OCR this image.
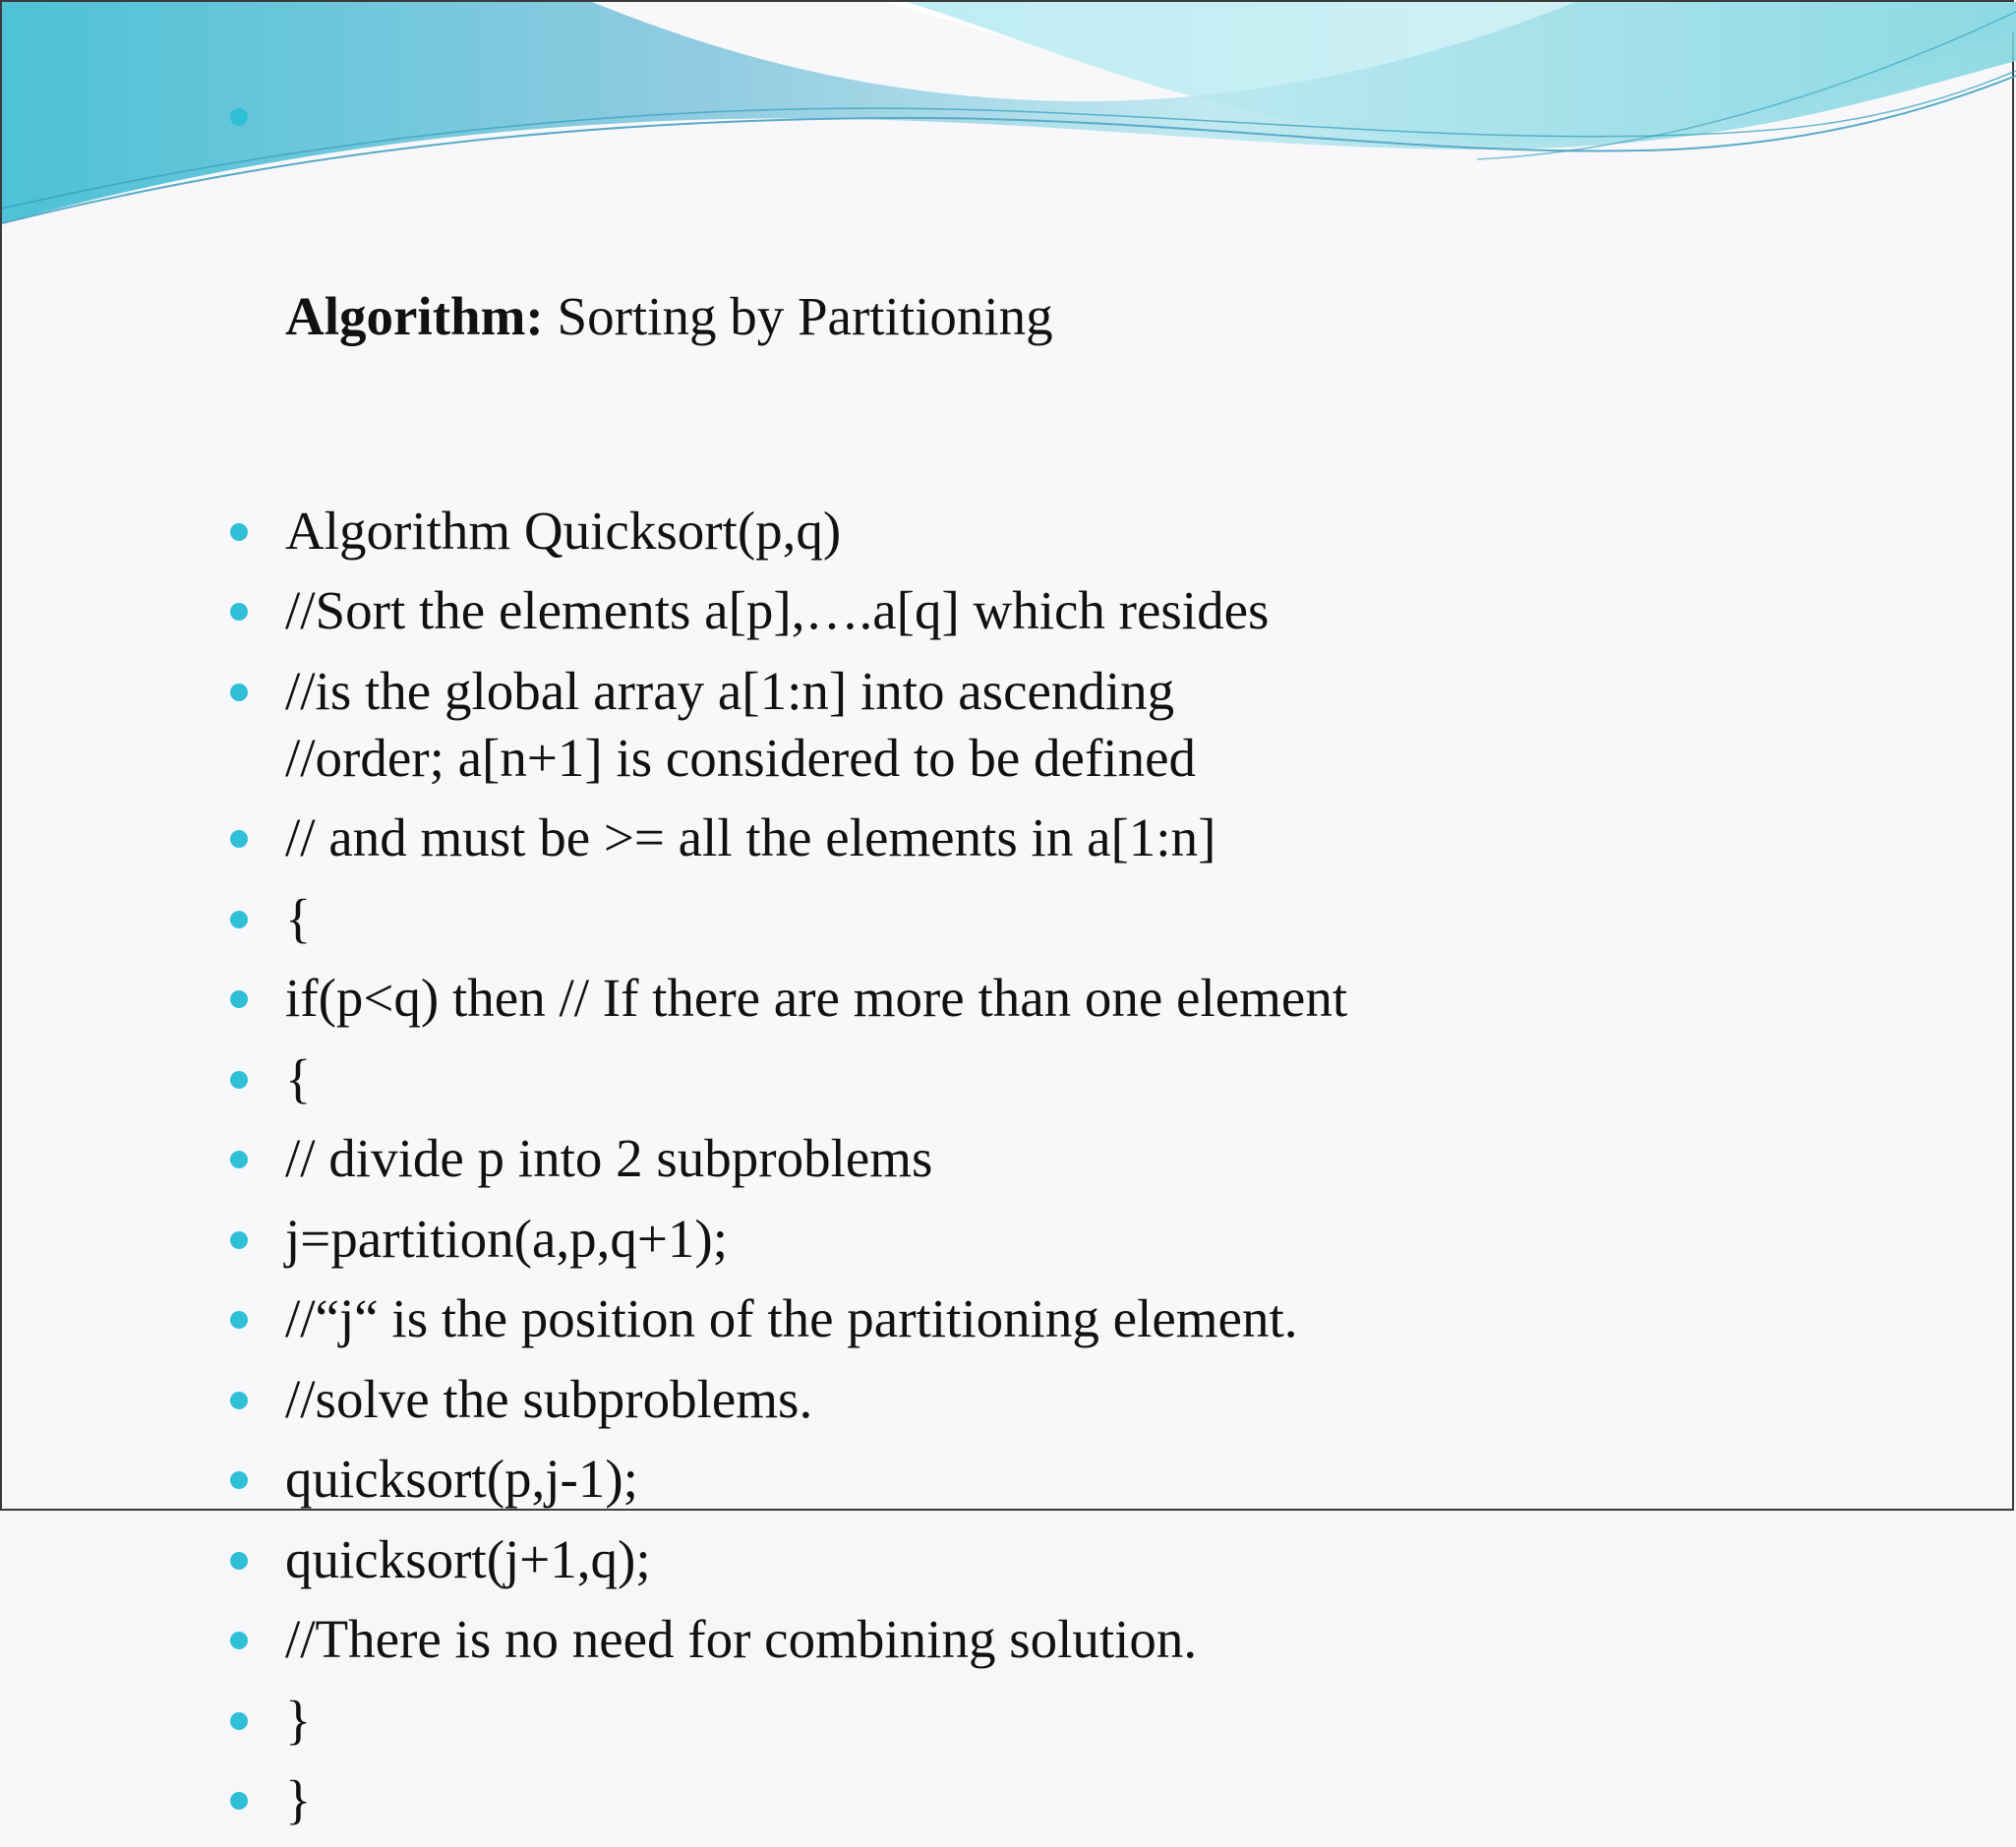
Algorithm: Sorting by Partitioning

Algorithm Quicksort(p,q)
//Sort the elements a[p],….a[q] which resides
//is the global array a[1:n] into ascending
//order; a[n+1] is considered to be defined
// and must be >= all the elements in a[1:n]
{
if(p<q) then // If there are more than one element
{
// divide p into 2 subproblems
j=partition(a,p,q+1);
//“j“ is the position of the partitioning element.
//solve the subproblems.
quicksort(p,j-1);
quicksort(j+1,q);
//There is no need for combining solution.
}
}
